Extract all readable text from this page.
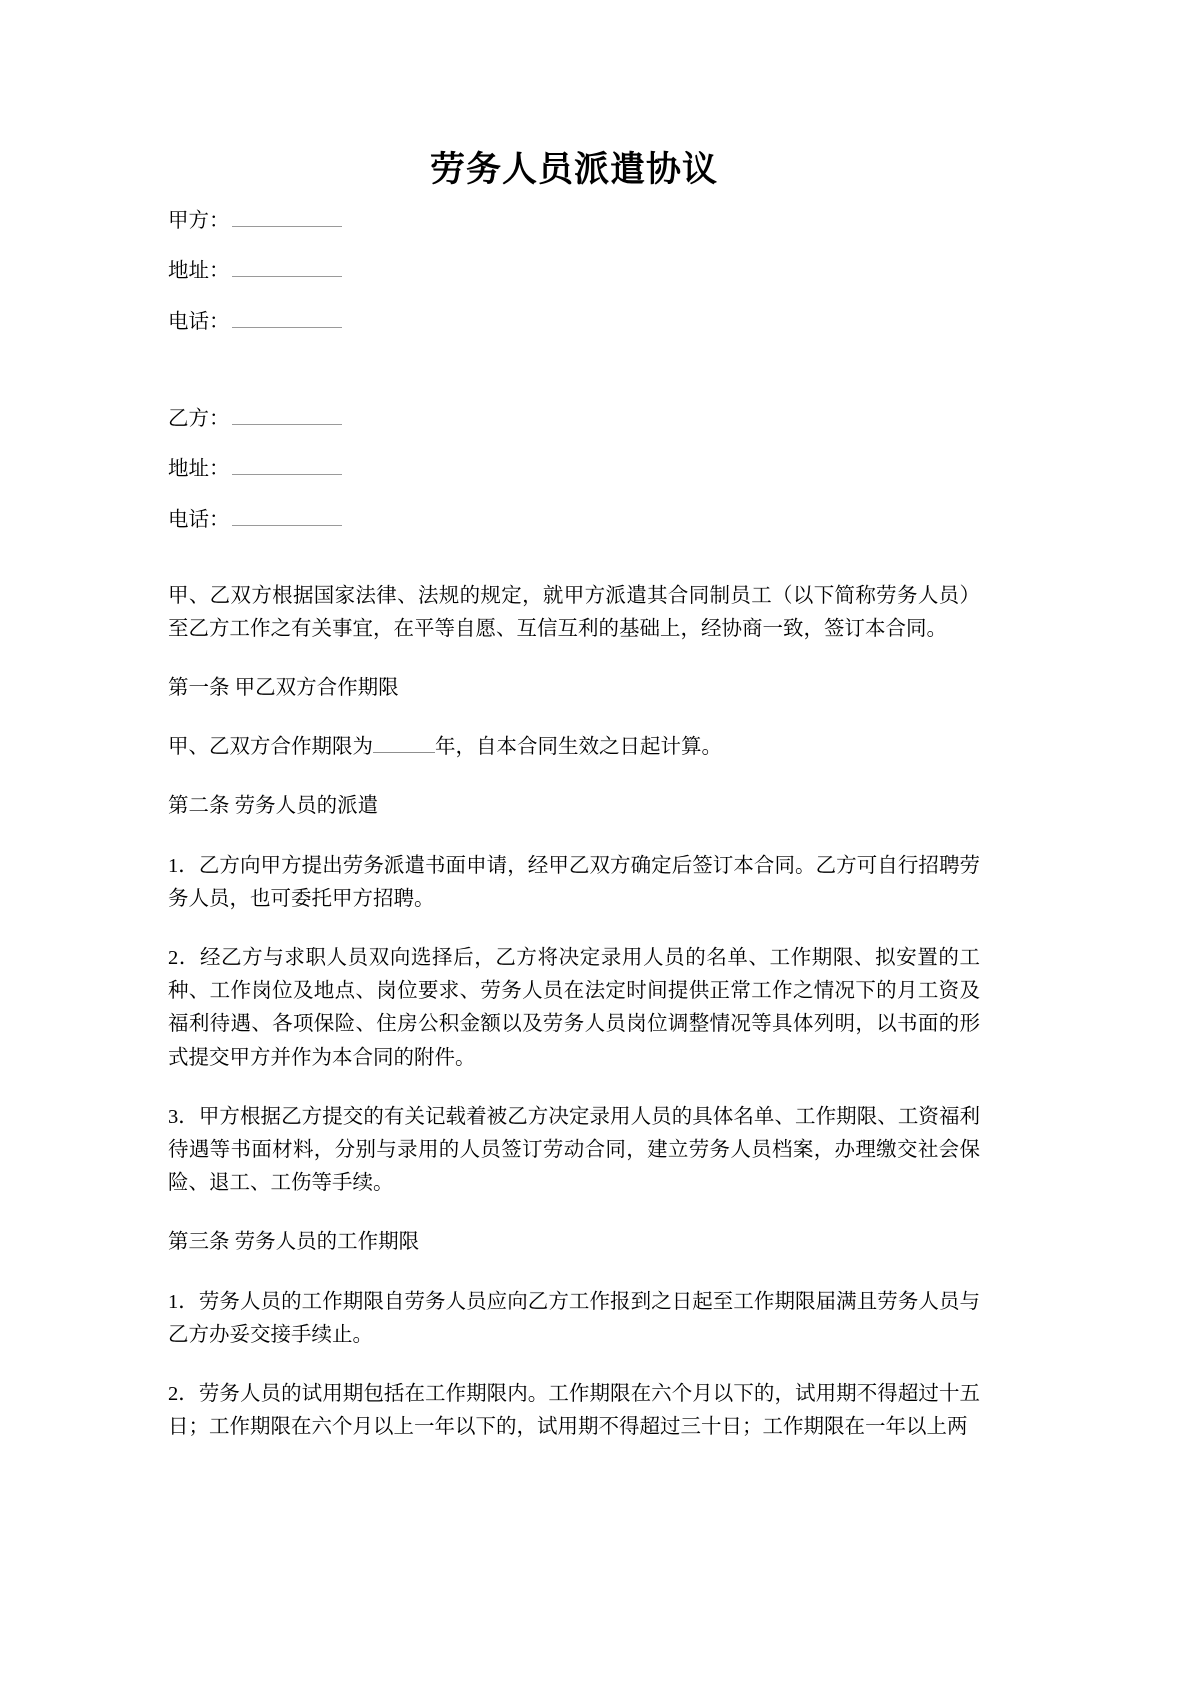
劳务人员派遣协议

甲方：

地址：

电话：

乙方：

地址：

电话：

甲、乙双方根据国家法律、法规的规定，就甲方派遣其合同制员工（以下简称劳务人员）至乙方工作之有关事宜，在平等自愿、互信互利的基础上，经协商一致，签订本合同。

第一条 甲乙双方合作期限

甲、乙双方合作期限为	年，自本合同生效之日起计算。

第二条 劳务人员的派遣

1．乙方向甲方提出劳务派遣书面申请，经甲乙双方确定后签订本合同。乙方可自行招聘劳务人员，也可委托甲方招聘。

2．经乙方与求职人员双向选择后，乙方将决定录用人员的名单、工作期限、拟安置的工种、工作岗位及地点、岗位要求、劳务人员在法定时间提供正常工作之情况下的月工资及福利待遇、各项保险、住房公积金额以及劳务人员岗位调整情况等具体列明，以书面的形式提交甲方并作为本合同的附件。

3．甲方根据乙方提交的有关记载着被乙方决定录用人员的具体名单、工作期限、工资福利待遇等书面材料，分别与录用的人员签订劳动合同，建立劳务人员档案，办理缴交社会保险、退工、工伤等手续。

第三条 劳务人员的工作期限

1．劳务人员的工作期限自劳务人员应向乙方工作报到之日起至工作期限届满且劳务人员与乙方办妥交接手续止。

2．劳务人员的试用期包括在工作期限内。工作期限在六个月以下的，试用期不得超过十五日；工作期限在六个月以上一年以下的，试用期不得超过三十日；工作期限在一年以上两
